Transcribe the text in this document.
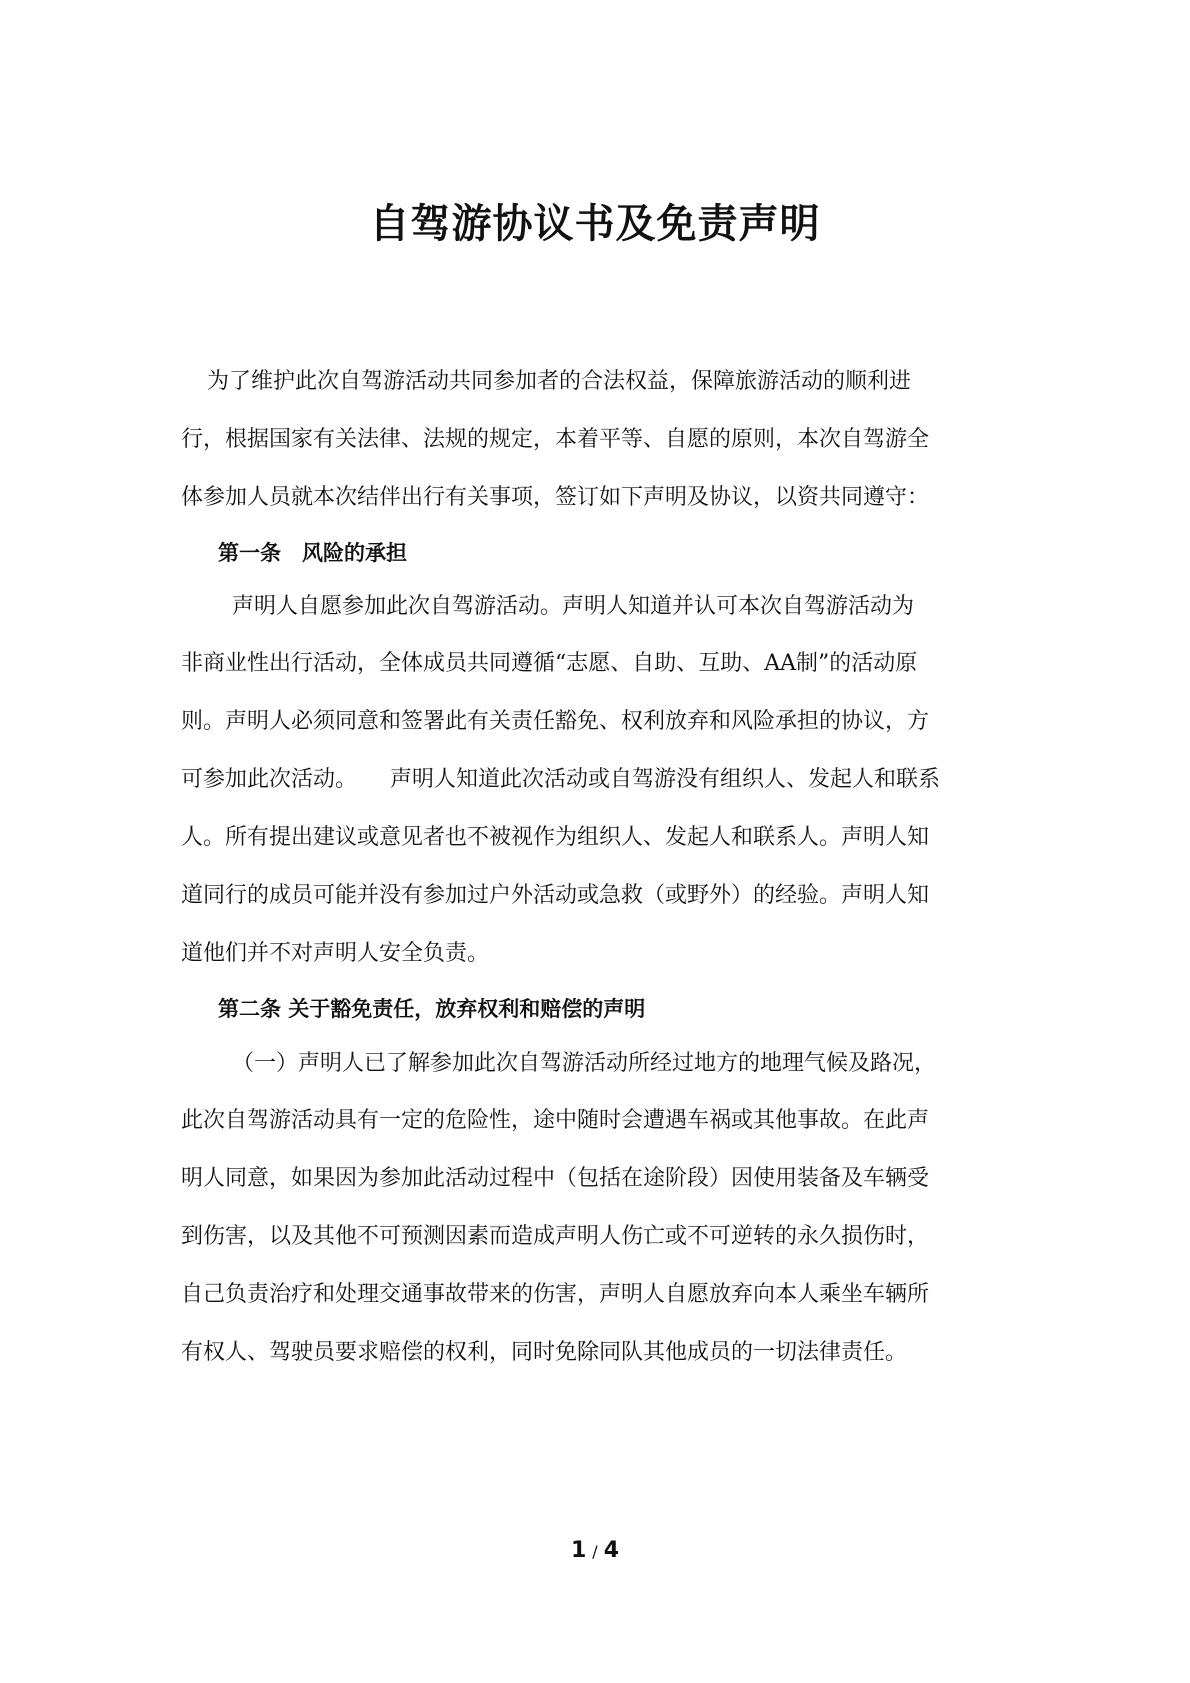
自驾游协议书及免责声明

为了维护此次自驾游活动共同参加者的合法权益，保障旅游活动的顺利进

行，根据国家有关法律、法规的规定，本着平等、自愿的原则，本次自驾游全

体参加人员就本次结伴出行有关事项，签订如下声明及协议，以资共同遵守：

第一条　风险的承担

声明人自愿参加此次自驾游活动。声明人知道并认可本次自驾游活动为

非商业性出行活动，全体成员共同遵循“志愿、自助、互助、AA制”的活动原

则。声明人必须同意和签署此有关责任豁免、权利放弃和风险承担的协议，方

可参加此次活动。　　声明人知道此次活动或自驾游没有组织人、发起人和联系

人。所有提出建议或意见者也不被视作为组织人、发起人和联系人。声明人知

道同行的成员可能并没有参加过户外活动或急救（或野外）的经验。声明人知

道他们并不对声明人安全负责。

第二条 关于豁免责任，放弃权利和赔偿的声明

（一）声明人已了解参加此次自驾游活动所经过地方的地理气候及路况，

此次自驾游活动具有一定的危险性，途中随时会遭遇车祸或其他事故。在此声

明人同意，如果因为参加此活动过程中（包括在途阶段）因使用装备及车辆受

到伤害，以及其他不可预测因素而造成声明人伤亡或不可逆转的永久损伤时，

自己负责治疗和处理交通事故带来的伤害，声明人自愿放弃向本人乘坐车辆所

有权人、驾驶员要求赔偿的权利，同时免除同队其他成员的一切法律责任。

1 / 4
